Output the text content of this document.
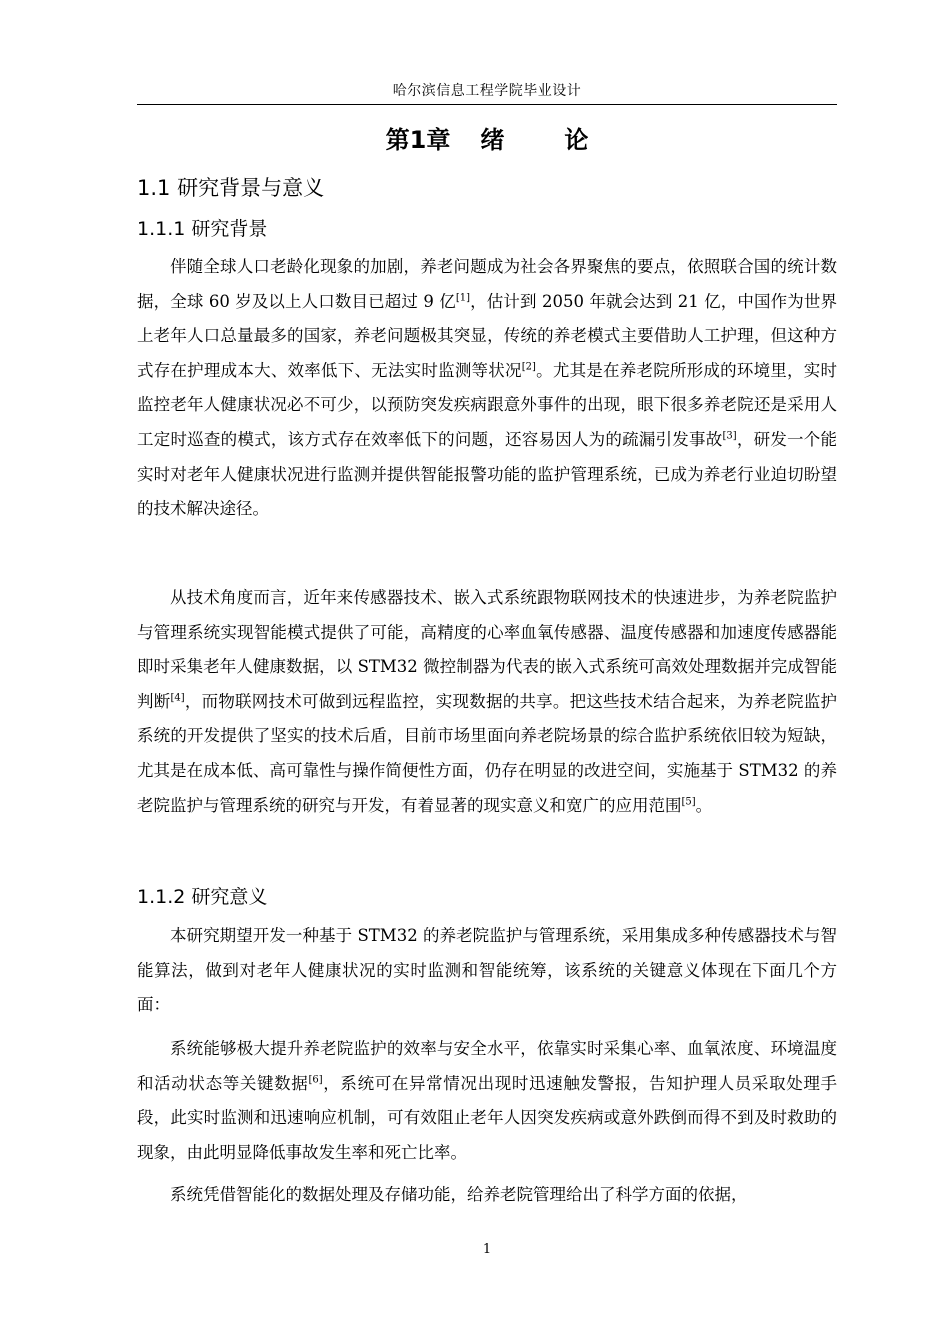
哈尔滨信息工程学院毕业设计
第1章 绪	论
1.1 研究背景与意义
1.1.1 研究背景

伴随全球人口老龄化现象的加剧，养老问题成为社会各界聚焦的要点，依照联合国的统计数据，全球 60 岁及以上人口数目已超过 9 亿[1]，估计到 2050 年就会达到 21 亿，中国作为世界上老年人口总量最多的国家，养老问题极其突显，传统的养老模式主要借助人工护理，但这种方式存在护理成本大、效率低下、无法实时监测等状况[2]。尤其是在养老院所形成的环境里，实时监控老年人健康状况必不可少，以预防突发疾病跟意外事件的出现，眼下很多养老院还是采用人工定时巡查的模式，该方式存在效率低下的问题，还容易因人为的疏漏引发事故[3]，研发一个能实时对老年人健康状况进行监测并提供智能报警功能的监护管理系统，已成为养老行业迫切盼望的技术解决途径。

从技术角度而言，近年来传感器技术、嵌入式系统跟物联网技术的快速进步，为养老院监护与管理系统实现智能模式提供了可能，高精度的心率血氧传感器、温度传感器和加速度传感器能即时采集老年人健康数据，以 STM32 微控制器为代表的嵌入式系统可高效处理数据并完成智能判断[4]，而物联网技术可做到远程监控，实现数据的共享。把这些技术结合起来，为养老院监护系统的开发提供了坚实的技术后盾，目前市场里面向养老院场景的综合监护系统依旧较为短缺，尤其是在成本低、高可靠性与操作简便性方面，仍存在明显的改进空间，实施基于 STM32 的养老院监护与管理系统的研究与开发，有着显著的现实意义和宽广的应用范围[5]。

1.1.2 研究意义

本研究期望开发一种基于 STM32 的养老院监护与管理系统，采用集成多种传感器技术与智能算法，做到对老年人健康状况的实时监测和智能统筹，该系统的关键意义体现在下面几个方面：

系统能够极大提升养老院监护的效率与安全水平，依靠实时采集心率、血氧浓度、环境温度和活动状态等关键数据[6]，系统可在异常情况出现时迅速触发警报，告知护理人员采取处理手段，此实时监测和迅速响应机制，可有效阻止老年人因突发疾病或意外跌倒而得不到及时救助的现象，由此明显降低事故发生率和死亡比率。

系统凭借智能化的数据处理及存储功能，给养老院管理给出了科学方面的依据，

1
